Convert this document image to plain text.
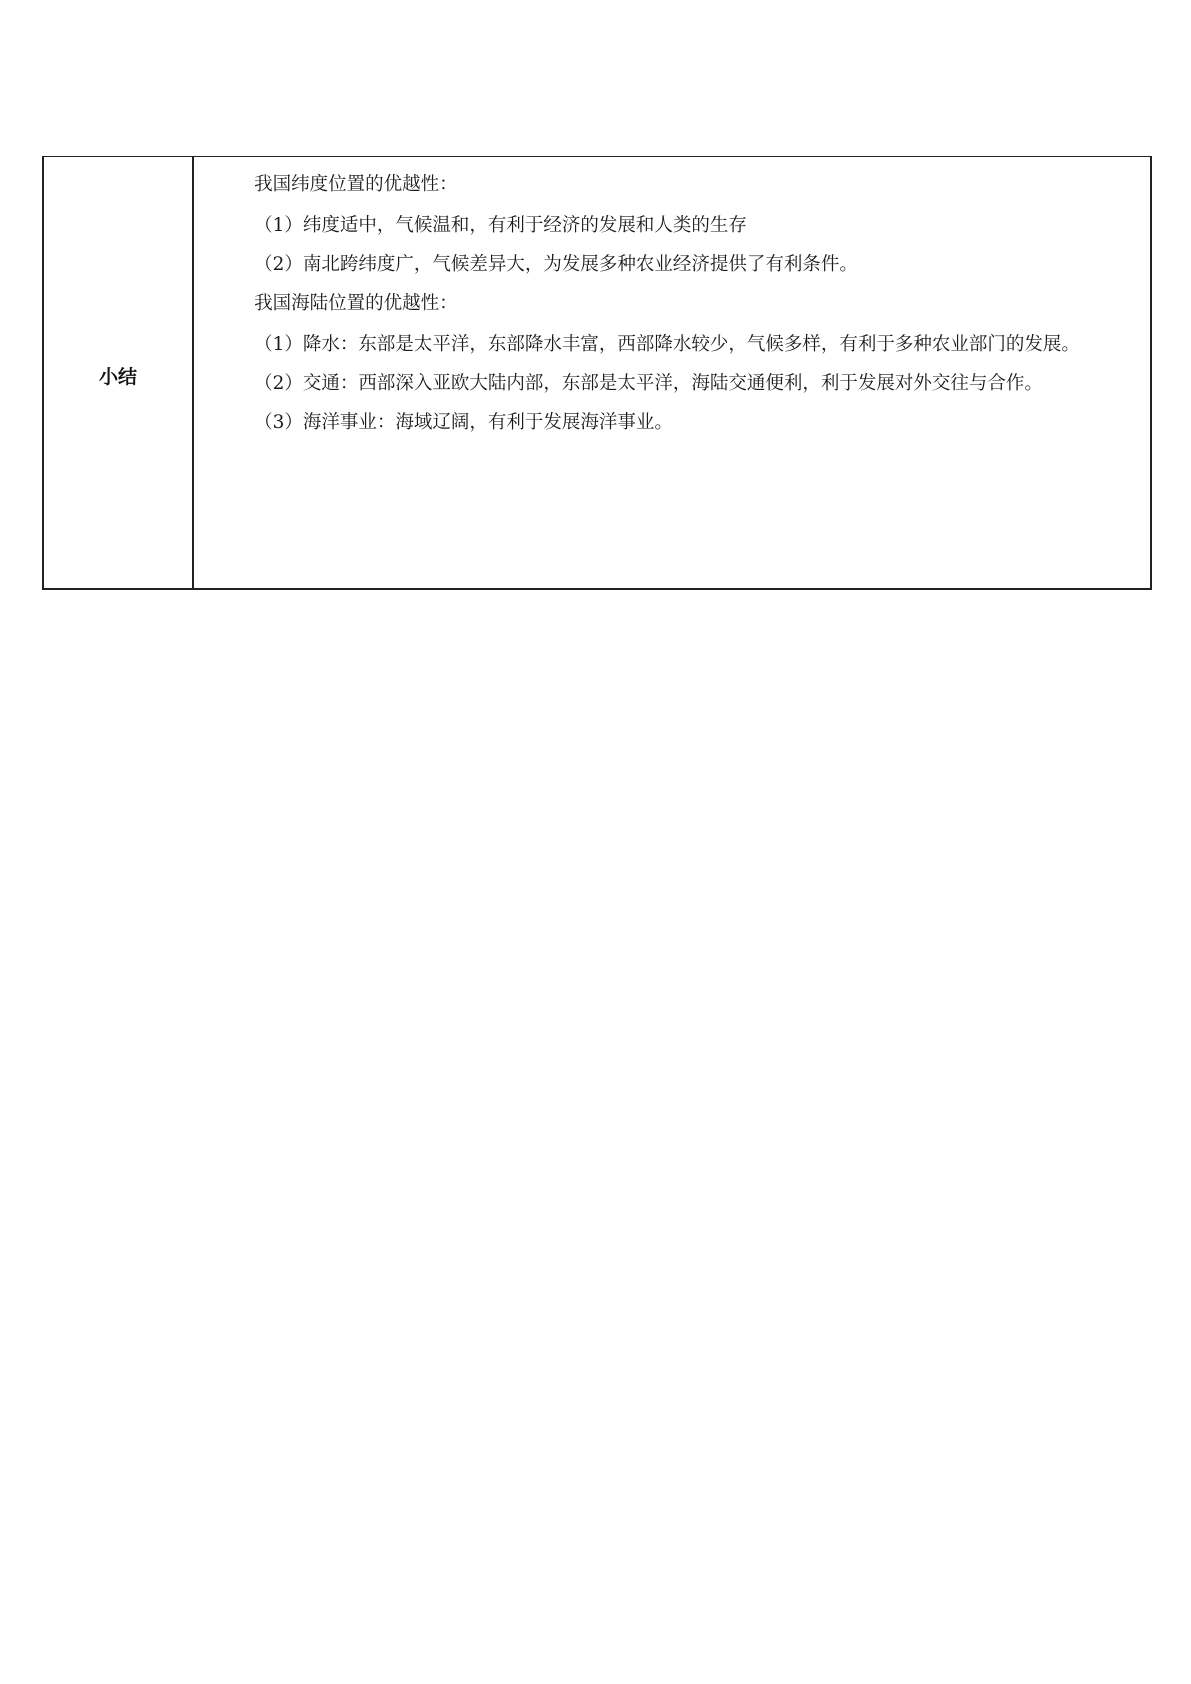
小结	

我国纬度位置的优越性：

（1）纬度适中，气候温和，有利于经济的发展和人类的生存

（2）南北跨纬度广，气候差异大，为发展多种农业经济提供了有利条件。

我国海陆位置的优越性：

（1）降水：东部是太平洋，东部降水丰富，西部降水较少，气候多样，有利于多种农业部门的发展。

（2）交通：西部深入亚欧大陆内部，东部是太平洋，海陆交通便利，利于发展对外交往与合作。

（3）海洋事业：海域辽阔，有利于发展海洋事业。
